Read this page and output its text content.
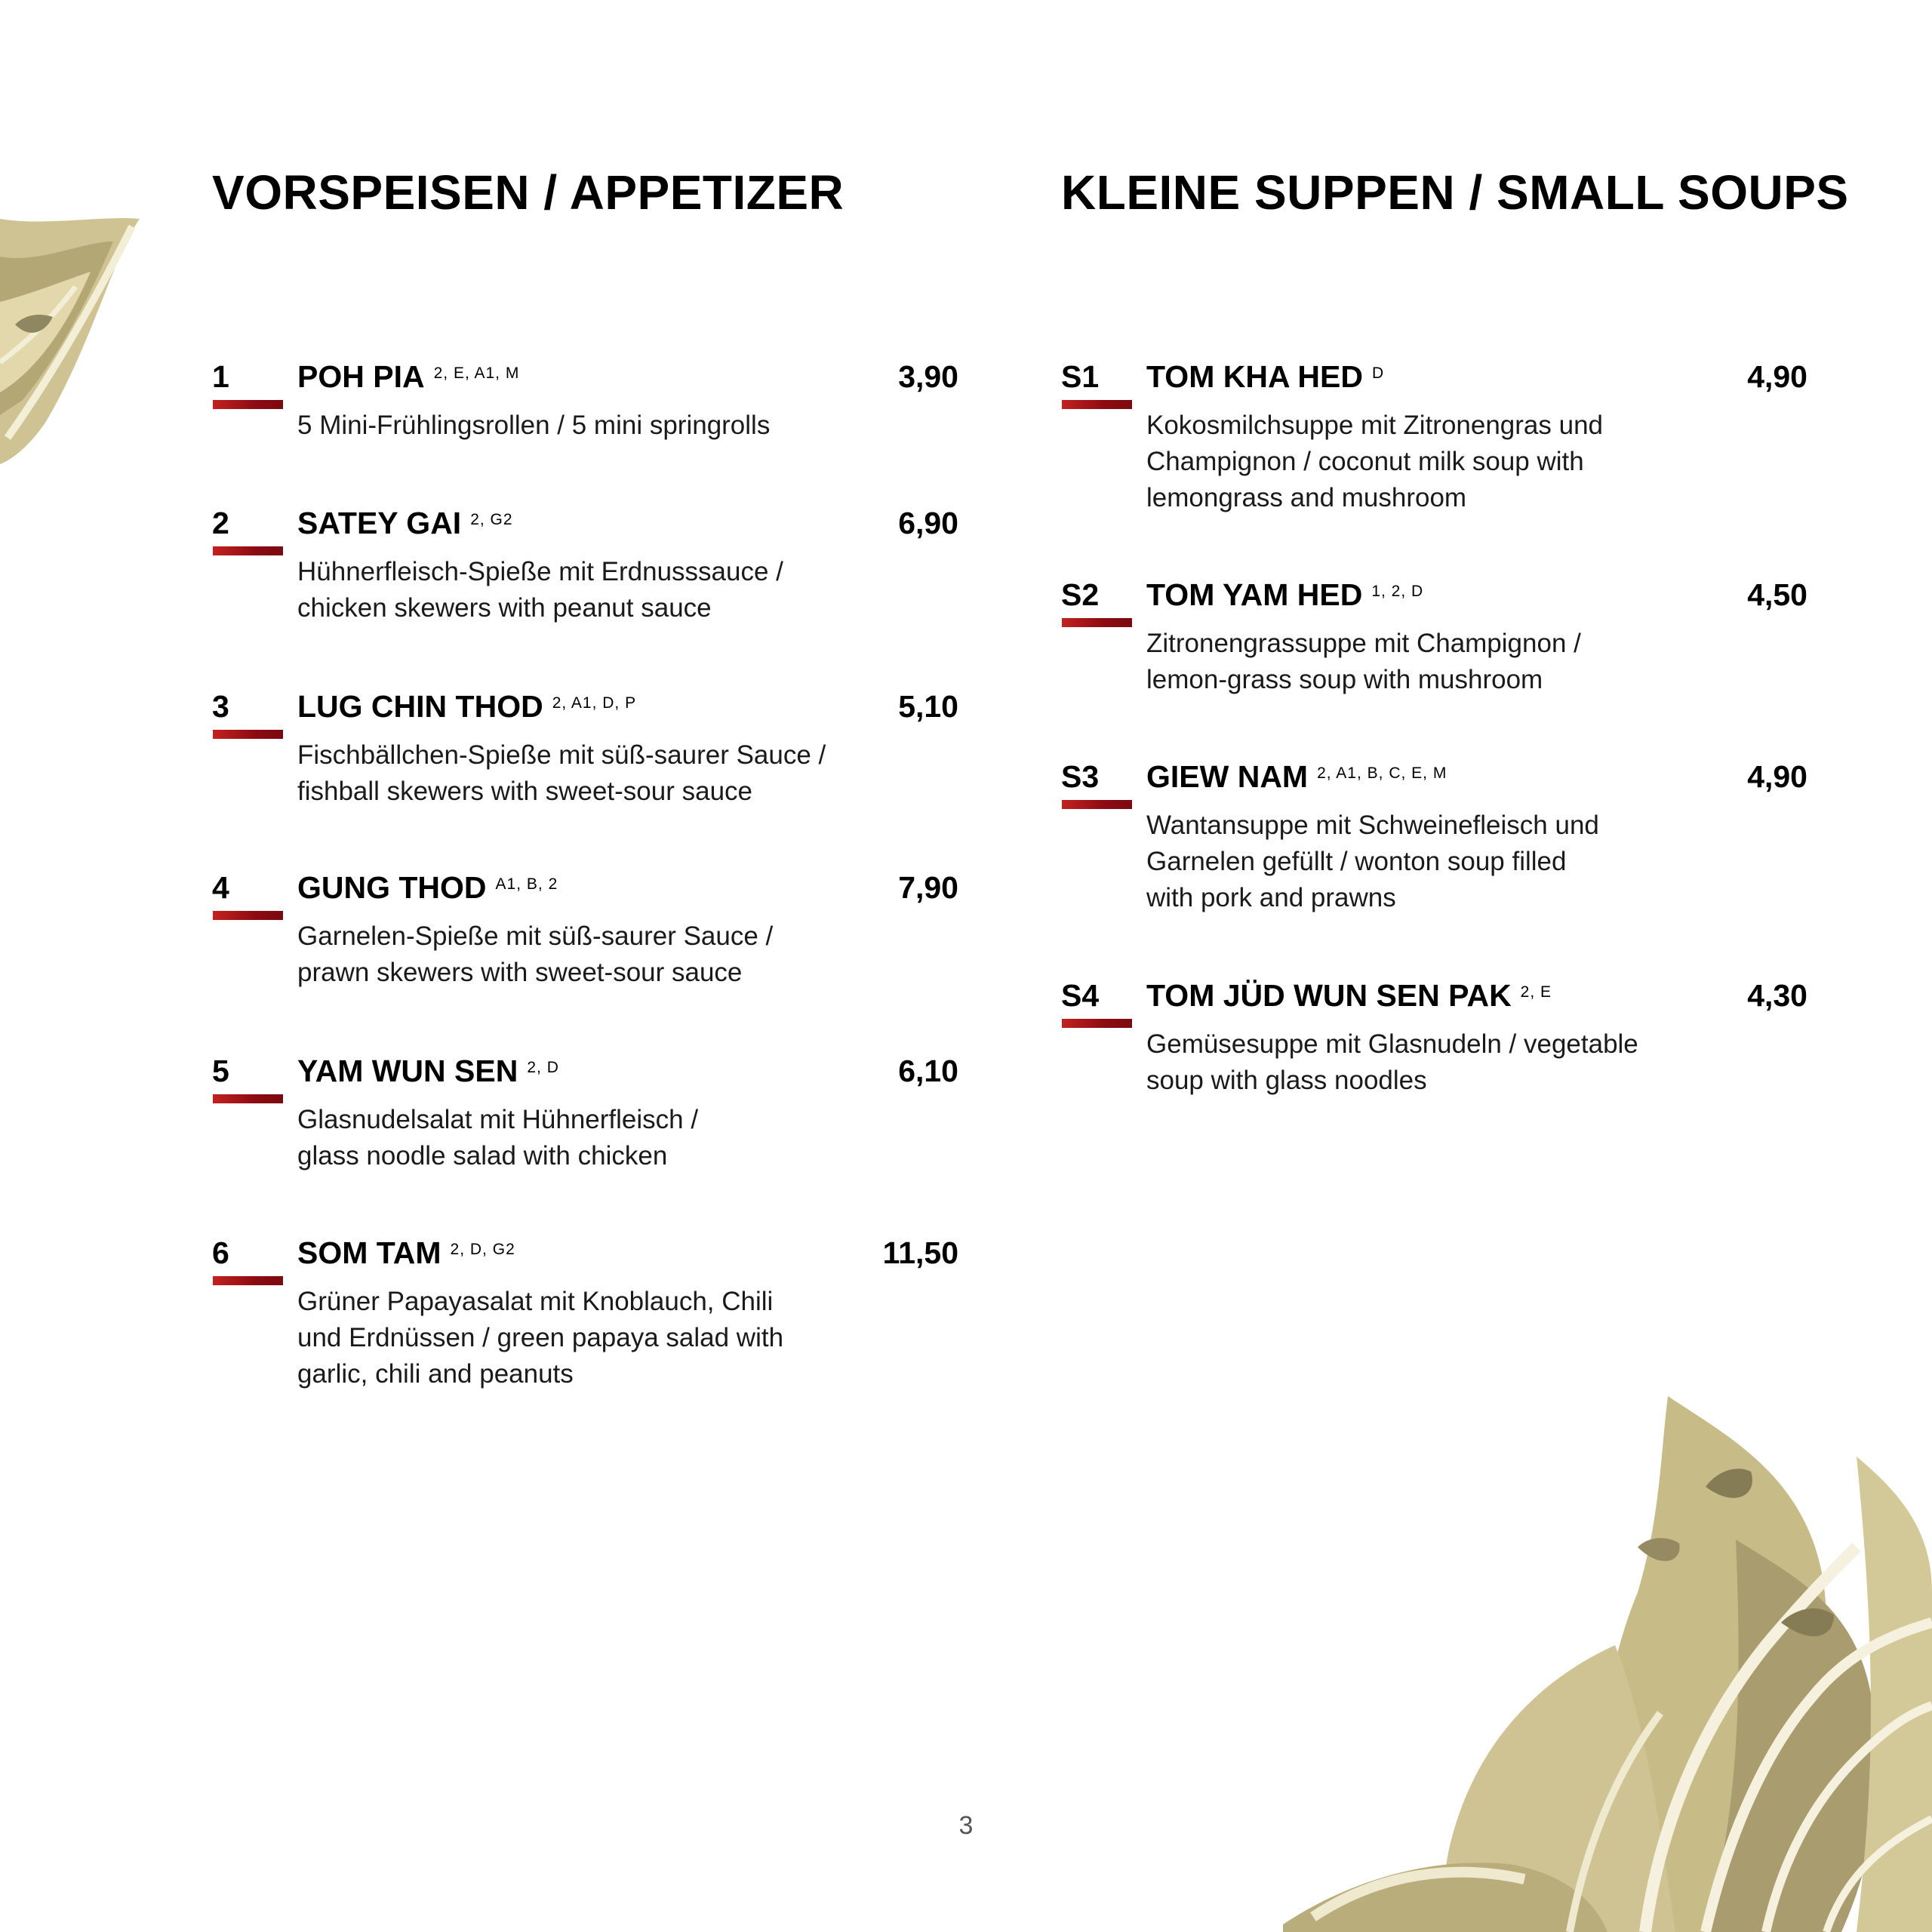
VORSPEISEN / APPETIZER	KLEINE SUPPEN / SMALL SOUPS
1 POH PIA $^{2, E, A1, M}$	3,90

5 Mini-Frühlingsrollen / 5 mini springrolls

2 SATEY GAI $^{2, G2}$	6,90

Hühnerfleisch-Spieße mit Erdnusssauce /
chicken skewers with peanut sauce

3 LUG CHIN THOD $^{2, A1, D, P}$	5,10

Fischbällchen-Spieße mit süß-saurer Sauce /
fishball skewers with sweet-sour sauce

4 GUNG THOD $^{A1, B, 2}$	7,90

Garnelen-Spieße mit süß-saurer Sauce /
prawn skewers with sweet-sour sauce

5 YAM WUN SEN $^{2, D}$	6,10

Glasnudelsalat mit Hühnerfleisch /
glass noodle salad with chicken

6 SOM TAM $^{2, D, G2}$	11,50

Grüner Papayasalat mit Knoblauch, Chili
und Erdnüssen / green papaya salad with
garlic, chili and peanuts

S1 TOM KHA HED $^D$	4,90

Kokosmilchsuppe mit Zitronengras und
Champignon / coconut milk soup with
lemongrass and mushroom

S2 TOM YAM HED $^{1, 2, D}$	4,50

Zitronengrassuppe mit Champignon /
lemon-grass soup with mushroom

S3 GIEW NAM $^{2, A1, B, C, E, M}$	4,90

Wantansuppe mit Schweinefleisch und
Garnelen gefüllt / wonton soup filled
with pork and prawns

S4 TOM JÜD WUN SEN PAK $^{2, E}$	4,30

Gemüsesuppe mit Glasnudeln / vegetable
soup with glass noodles

3
